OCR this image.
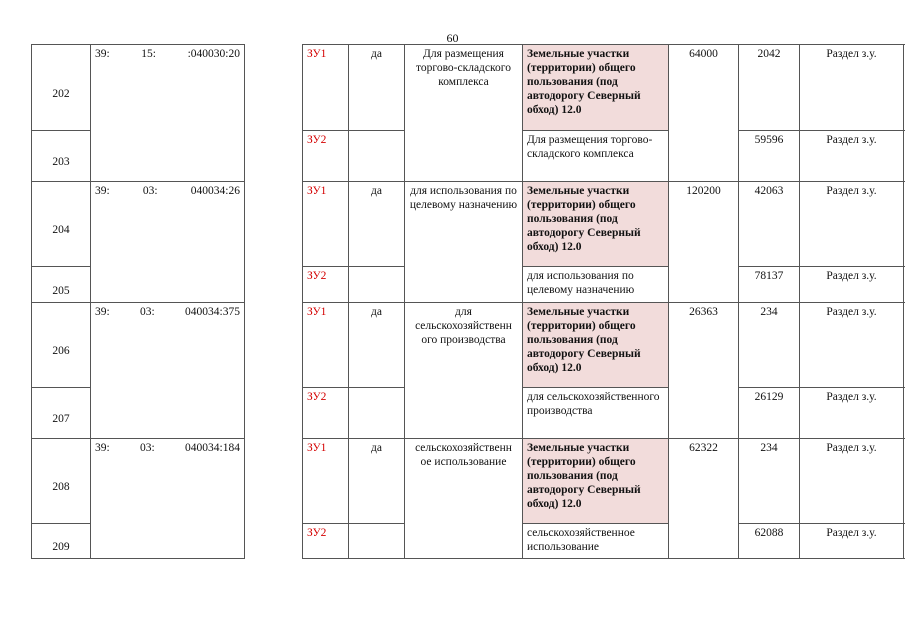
60
202	39: 15: :040030:20		ЗУ1	да	Для размещения торгово-складского комплекса	Земельные участки (территории) общего пользования (под автодорогу Северный обход) 12.0	64000	2042	Раздел з.у.	
203			ЗУ2			Для размещения торгово-складского комплекса		59596	Раздел з.у.	
204	39: 03: 040034:26		ЗУ1	да	для использования по целевому назначению	Земельные участки (территории) общего пользования (под автодорогу Северный обход) 12.0	120200	42063	Раздел з.у.	
205			ЗУ2			для использования по целевому назначению		78137	Раздел з.у.	
206	39: 03: 040034:375		ЗУ1	да	для сельскохозяйственн ого производства	Земельные участки (территории) общего пользования (под автодорогу Северный обход) 12.0	26363	234	Раздел з.у.	
207			ЗУ2			для сельскохозяйственного производства		26129	Раздел з.у.	
208	39: 03: 040034:184		ЗУ1	да	сельскохозяйственн ое использование	Земельные участки (территории) общего пользования (под автодорогу Северный обход) 12.0	62322	234	Раздел з.у.	
209			ЗУ2			сельскохозяйственное использование		62088	Раздел з.у.	
